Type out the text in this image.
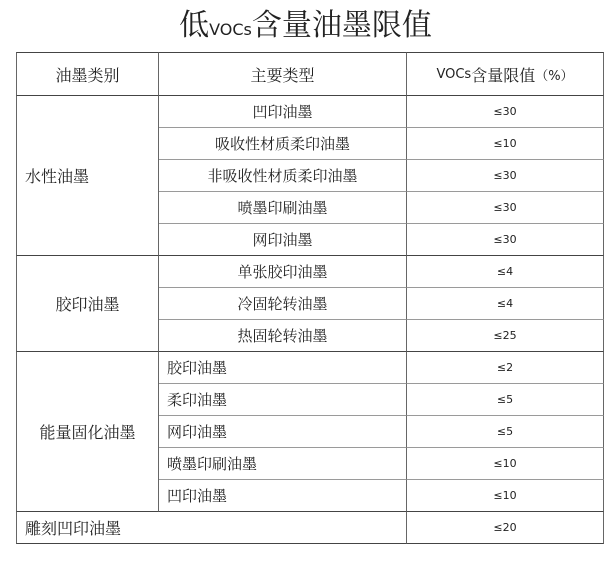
低VOCs含量油墨限值
油墨类别	主要类型	VOCs 含量限值 （%）
水性油墨
凹印油墨	≤30
吸收性材质柔印油墨	≤10
非吸收性材质柔印油墨	≤30
喷墨印刷油墨	≤30
网印油墨	≤30
胶印油墨
单张胶印油墨	≤4
冷固轮转油墨	≤4
热固轮转油墨	≤25
能量固化油墨
胶印油墨	≤2
柔印油墨	≤5
网印油墨	≤5
喷墨印刷油墨	≤10
凹印油墨	≤10
雕刻凹印油墨	≤20
